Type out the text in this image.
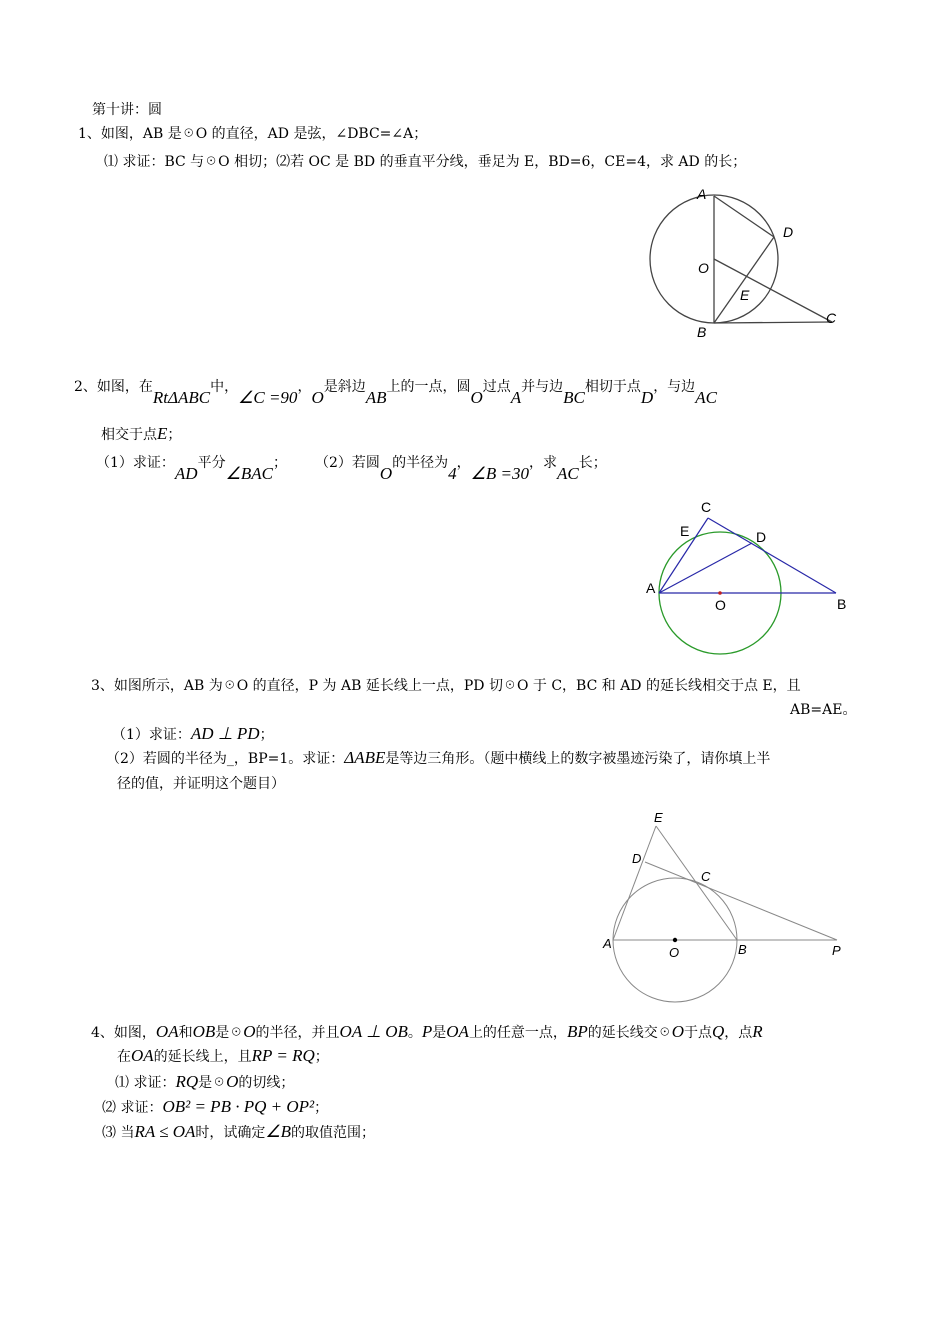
第十讲：圆
1、如图，AB 是☉O 的直径，AD 是弦，∠DBC=∠A；
⑴ 求证：BC 与☉O 相切；⑵若 OC 是 BD 的垂直平分线，垂足为 E，BD=6，CE=4，求 AD 的长；
A
D
O
E
B
C
2、如图，在RtΔABC中，∠C =90，O是斜边AB上的一点，圆O过点A并与边BC相切于点D，与边AC
相交于点E；
（1）求证：AD平分∠BAC；   （2）若圆O的半径为4，∠B =30，求AC长；
C
E	D
A
O	B
3、如图所示，AB 为☉O 的直径，P 为 AB 延长线上一点，PD 切☉O 于 C，BC 和 AD 的延长线相交于点 E，且
AB=AE。
（1）求证：AD ⊥ PD；
（2）若圆的半径为_，BP=1。求证：ΔABE是等边三角形。（题中横线上的数字被墨迹污染了，请你填上半
径的值，并证明这个题目）
E
D
C
A
O	B	P
4、如图，OA和OB是☉O的半径，并且OA ⊥ OB。P是OA上的任意一点，BP的延长线交☉O于点Q，点R
在OA的延长线上，且RP = RQ；
⑴ 求证：RQ是☉O的切线；
⑵ 求证：OB² = PB · PQ + OP²；
⑶ 当RA ≤ OA时，试确定∠B的取值范围；
